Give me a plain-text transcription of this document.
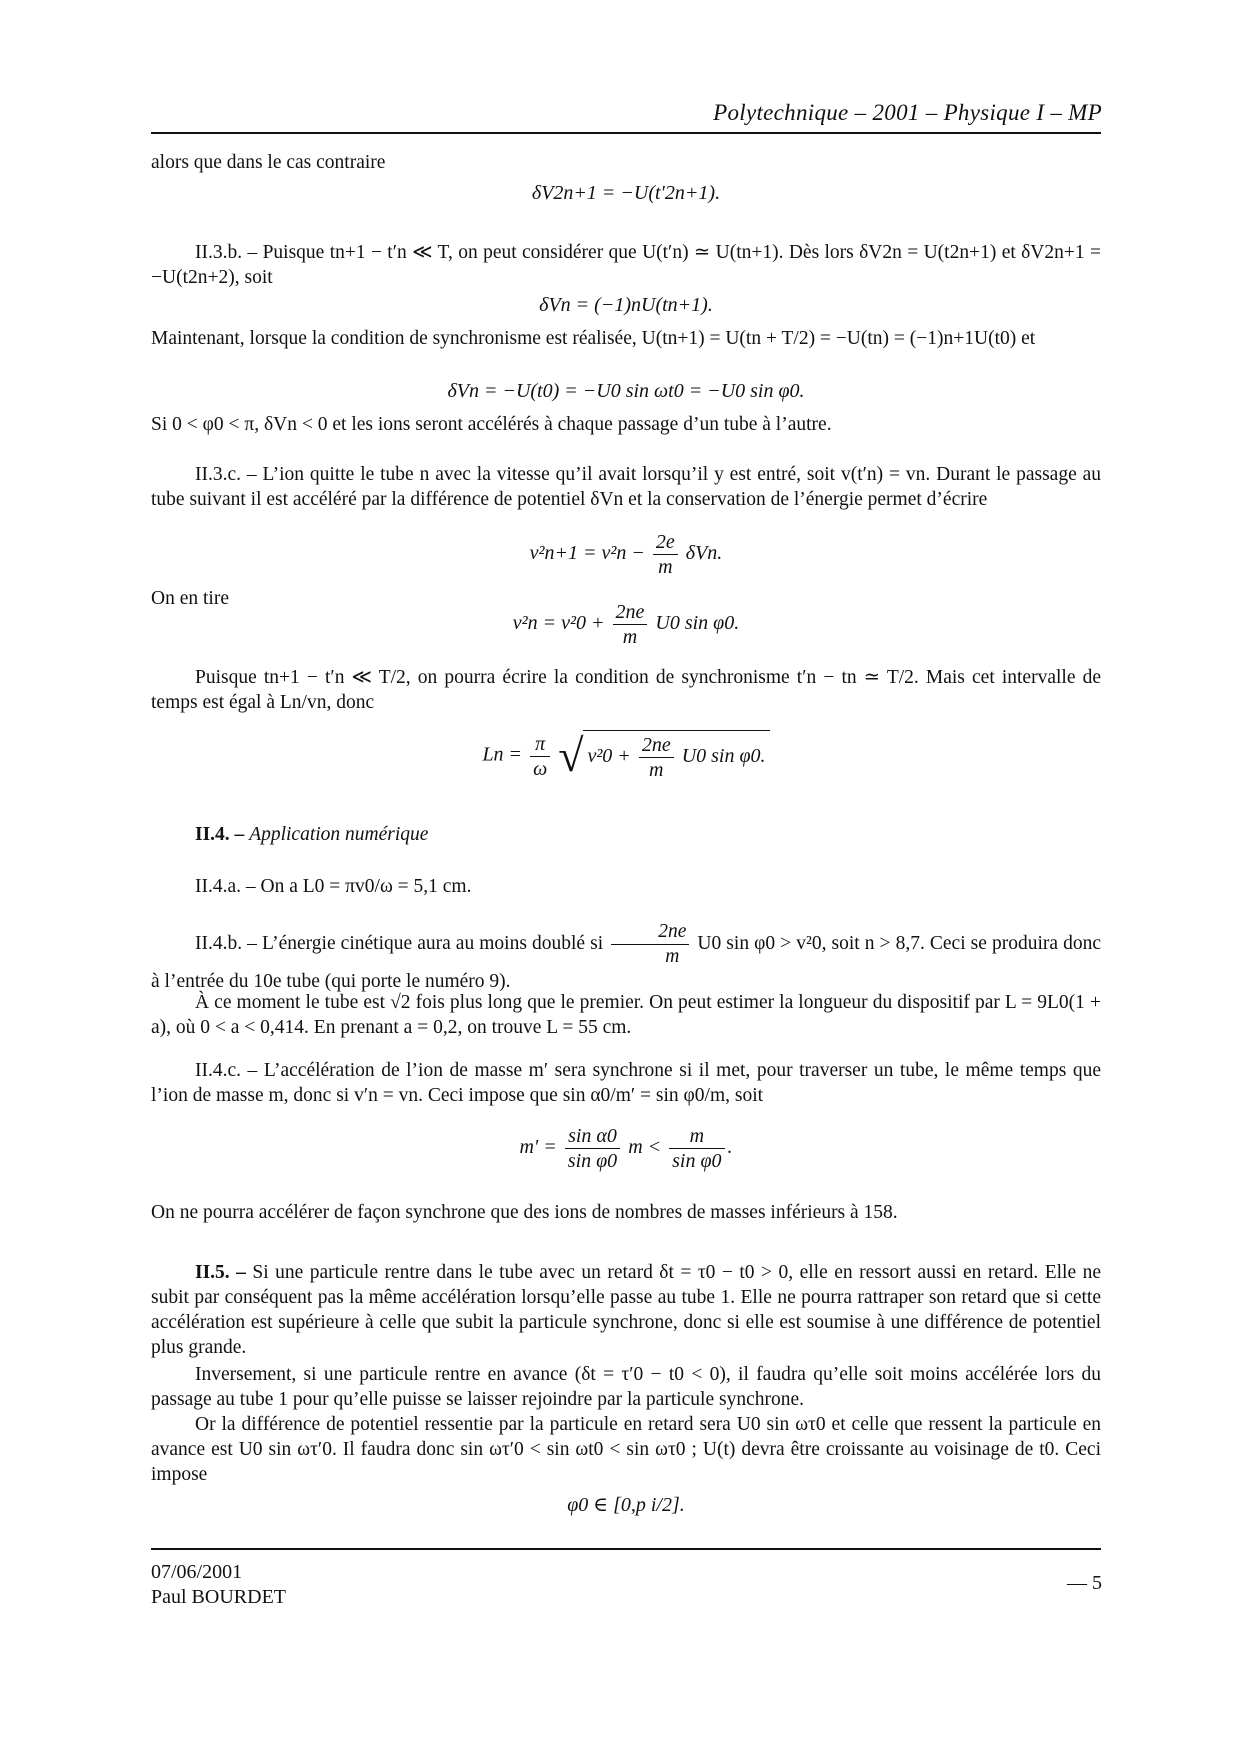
Polytechnique – 2001 – Physique I – MP
alors que dans le cas contraire
δV2n+1 = −U(t′2n+1).
II.3.b. – Puisque tn+1 − t′n ≪ T, on peut considérer que U(t′n) ≃ U(tn+1). Dès lors δV2n = U(t2n+1) et δV2n+1 = −U(t2n+2), soit
δVn = (−1)nU(tn+1).
Maintenant, lorsque la condition de synchronisme est réalisée, U(tn+1) = U(tn + T/2) = −U(tn) = (−1)n+1U(t0) et
δVn = −U(t0) = −U0 sin ωt0 = −U0 sin φ0.
Si 0 < φ0 < π, δVn < 0 et les ions seront accélérés à chaque passage d’un tube à l’autre.
II.3.c. – L’ion quitte le tube n avec la vitesse qu’il avait lorsqu’il y est entré, soit v(t′n) = vn. Durant le passage au tube suivant il est accéléré par la différence de potentiel δVn et la conservation de l’énergie permet d’écrire
$v^2n+1 = v^2n - \frac{2e}{m} \delta Vn$.
On en tire
$v^2n = v^20 + \frac{2ne}{m} U0$ sin φ0.
Puisque tn+1 − t′n ≪ T/2, on pourra écrire la condition de synchronisme t′n − tn ≃ T/2. Mais cet intervalle de temps est égal à Ln/vn, donc
$Ln = \frac{\pi}{\omega}$ √ $v^20 + \frac{2ne}{m} U0$ sin φ0.
II.4. – Application numérique
II.4.a. – On a L0 = πv0/ω = 5,1 cm.
II.4.b. – L’énergie cinétique aura au moins doublé si $\frac{2ne}{m} U0$ sin φ0 > v²0, soit n > 8,7. Ceci se produira donc à l’entrée du 10e tube (qui porte le numéro 9).
À ce moment le tube est √2 fois plus long que le premier. On peut estimer la longueur du dispositif par L = 9L0(1 + a), où 0 < a < 0,414. En prenant a = 0,2, on trouve L = 55 cm.
II.4.c. – L’accélération de l’ion de masse m′ sera synchrone si il met, pour traverser un tube, le même temps que l’ion de masse m, donc si v′n = vn. Ceci impose que sin α0/m′ = sin φ0/m, soit
$m' = \frac{\text{sin α0}}{\text{sin φ0}}$ $m < \frac{m}{\text{sin φ0}}$ .
On ne pourra accélérer de façon synchrone que des ions de nombres de masses inférieurs à 158.
II.5. – Si une particule rentre dans le tube avec un retard δt = τ0 − t0 > 0, elle en ressort aussi en retard. Elle ne subit par conséquent pas la même accélération lorsqu’elle passe au tube 1. Elle ne pourra rattraper son retard que si cette accélération est supérieure à celle que subit la particule synchrone, donc si elle est soumise à une différence de potentiel plus grande.
Inversement, si une particule rentre en avance (δt = τ′0 − t0 < 0), il faudra qu’elle soit moins accélérée lors du passage au tube 1 pour qu’elle puisse se laisser rejoindre par la particule synchrone.
Or la différence de potentiel ressentie par la particule en retard sera U0 sin ωτ0 et celle que ressent la particule en avance est U0 sin ωτ′0. Il faudra donc sin ωτ′0 < sin ωt0 < sin ωτ0 ; U(t) devra être croissante au voisinage de t0. Ceci impose
φ0 ∈ [0,p i/2].
07/06/2001
Paul BOURDET
— 5
